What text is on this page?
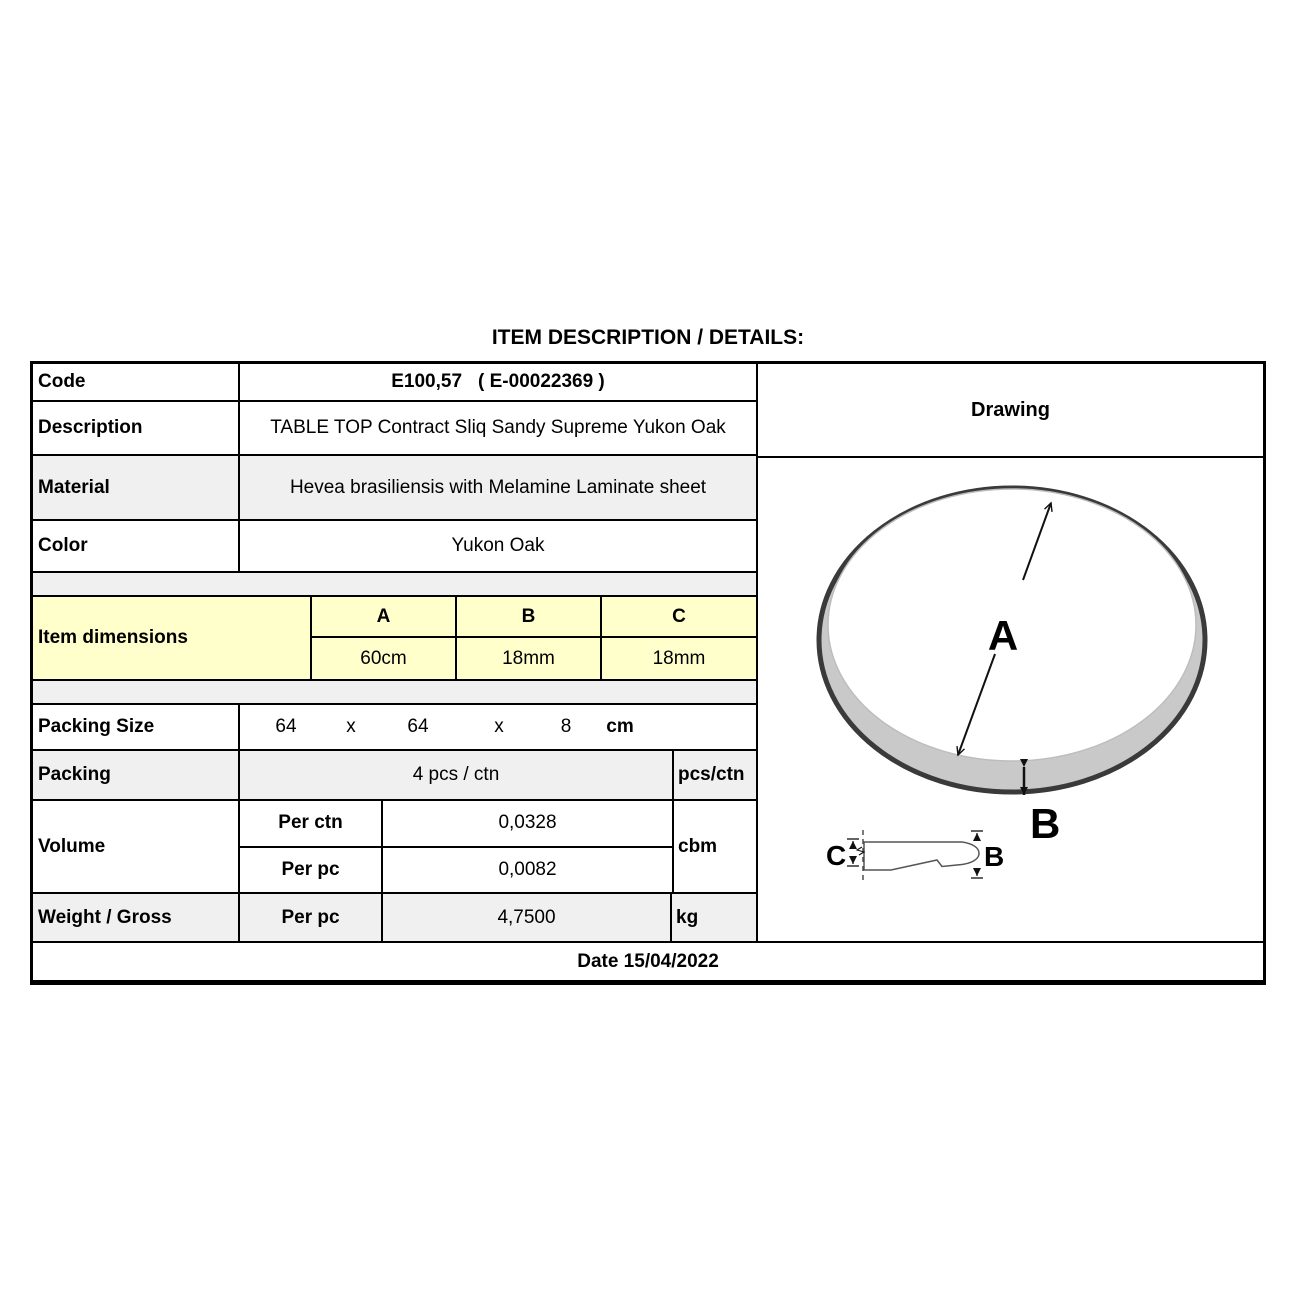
ITEM DESCRIPTION / DETAILS:
Code	E100,57 ( E-00022369 )
Description	TABLE TOP Contract Sliq Sandy Supreme Yukon Oak
Material	Hevea brasiliensis with Melamine Laminate sheet
Color	Yukon Oak
Item dimensions
A	B	C
60cm	18mm	18mm
Packing Size	64	x	64	x	8 cm
Packing	4 pcs / ctn	pcs/ctn
Volume
Per ctn	0,0328
Per pc	0,0082
cbm
Weight / Gross	Per pc	4,7500	kg
Drawing
A
B
C	B
Date 15/04/2022
